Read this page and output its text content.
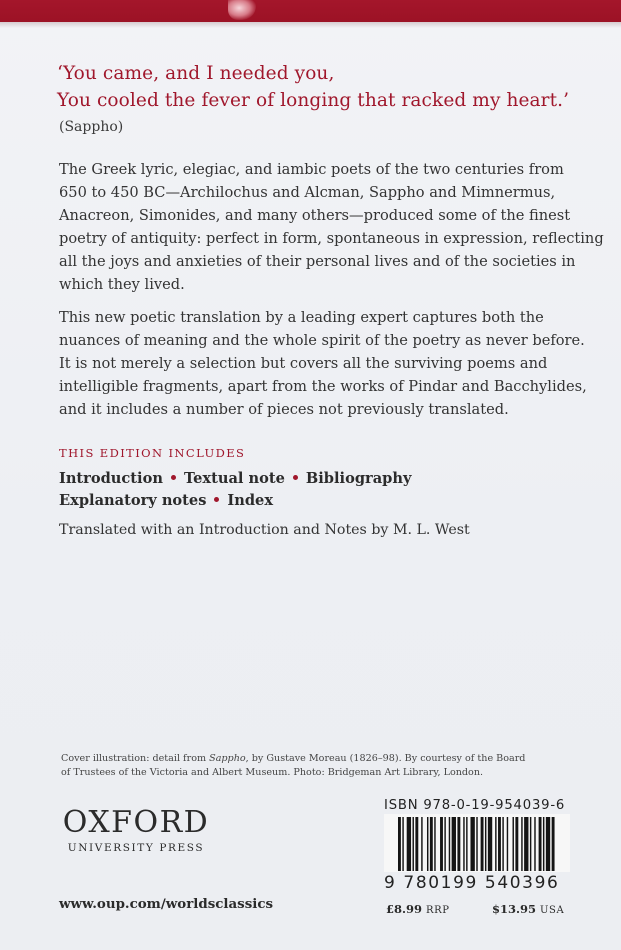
‘You came, and I needed you,
You cooled the fever of longing that racked my heart.’
(Sappho)

The Greek lyric, elegiac, and iambic poets of the two centuries from
650 to 450 BC—Archilochus and Alcman, Sappho and Mimnermus,
Anacreon, Simonides, and many others—produced some of the finest
poetry of antiquity: perfect in form, spontaneous in expression, reflecting
all the joys and anxieties of their personal lives and of the societies in
which they lived.

This new poetic translation by a leading expert captures both the
nuances of meaning and the whole spirit of the poetry as never before.
It is not merely a selection but covers all the surviving poems and
intelligible fragments, apart from the works of Pindar and Bacchylides,
and it includes a number of pieces not previously translated.

THIS EDITION INCLUDES
Introduction Textual note Bibliography
Explanatory notes Index
Translated with an Introduction and Notes by M. L. West
Cover illustration: detail from Sappho, by Gustave Moreau (1826–98). By courtesy of the Board
of Trustees of the Victoria and Albert Museum. Photo: Bridgeman Art Library, London.
OXFORD
UNIVERSITY PRESS
www.oup.com/worldsclassics
ISBN 978-0-19-954039-6
9 780199 540396
£8.99 RRP	$13.95 USA
